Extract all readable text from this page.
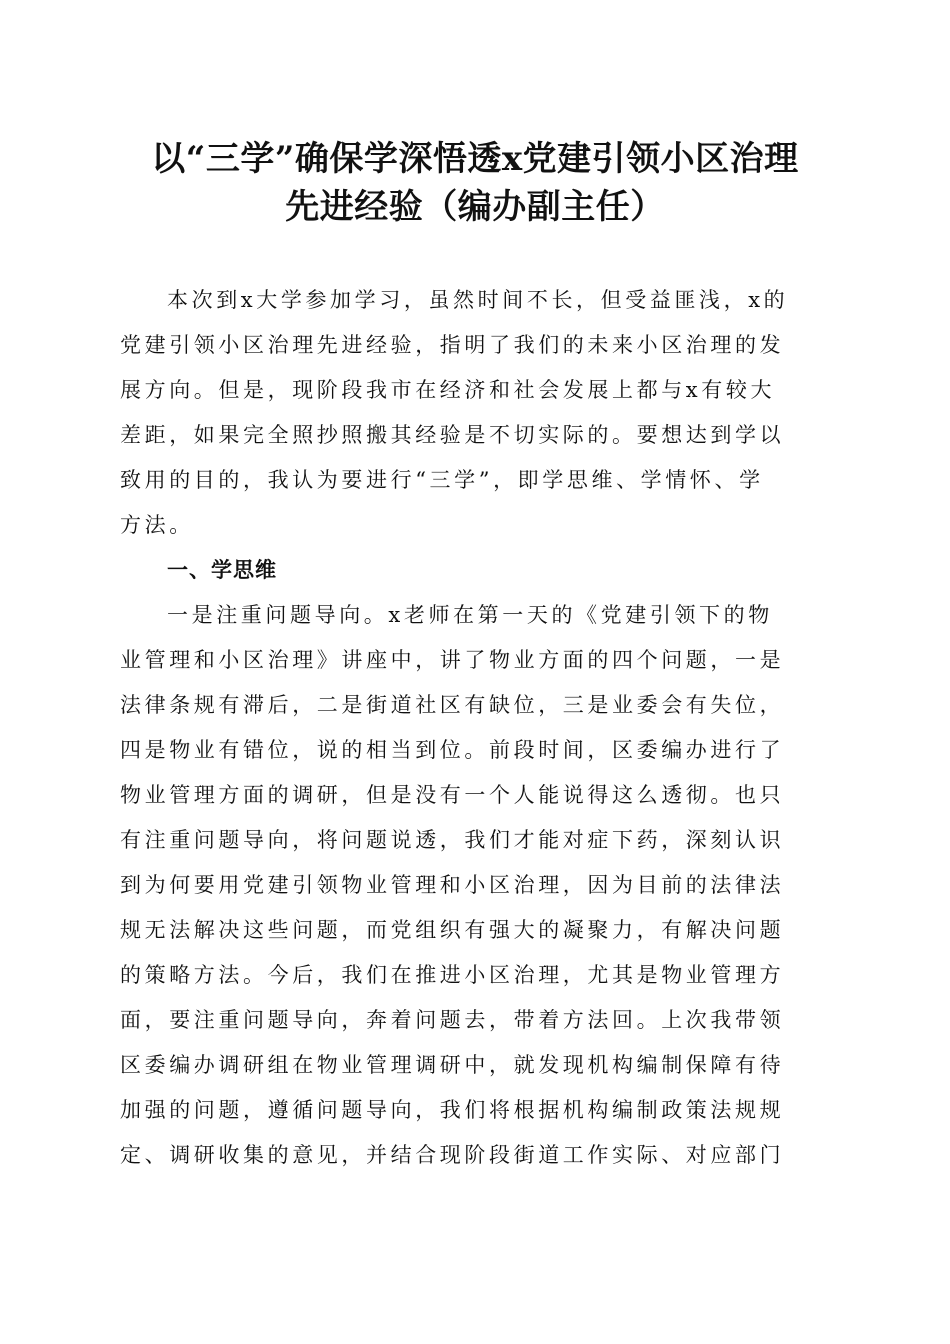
以“三学”确保学深悟透x党建引领小区治理
先进经验（编办副主任）
本次到x大学参加学习，虽然时间不长，但受益匪浅，x的
党建引领小区治理先进经验，指明了我们的未来小区治理的发
展方向。但是，现阶段我市在经济和社会发展上都与x有较大
差距，如果完全照抄照搬其经验是不切实际的。要想达到学以
致用的目的，我认为要进行“三学”，即学思维、学情怀、学
方法。
一、学思维
一是注重问题导向。x老师在第一天的《党建引领下的物
业管理和小区治理》讲座中，讲了物业方面的四个问题，一是
法律条规有滞后，二是街道社区有缺位，三是业委会有失位，
四是物业有错位，说的相当到位。前段时间，区委编办进行了
物业管理方面的调研，但是没有一个人能说得这么透彻。也只
有注重问题导向，将问题说透，我们才能对症下药，深刻认识
到为何要用党建引领物业管理和小区治理，因为目前的法律法
规无法解决这些问题，而党组织有强大的凝聚力，有解决问题
的策略方法。今后，我们在推进小区治理，尤其是物业管理方
面，要注重问题导向，奔着问题去，带着方法回。上次我带领
区委编办调研组在物业管理调研中，就发现机构编制保障有待
加强的问题，遵循问题导向，我们将根据机构编制政策法规规
定、调研收集的意见，并结合现阶段街道工作实际、对应部门
